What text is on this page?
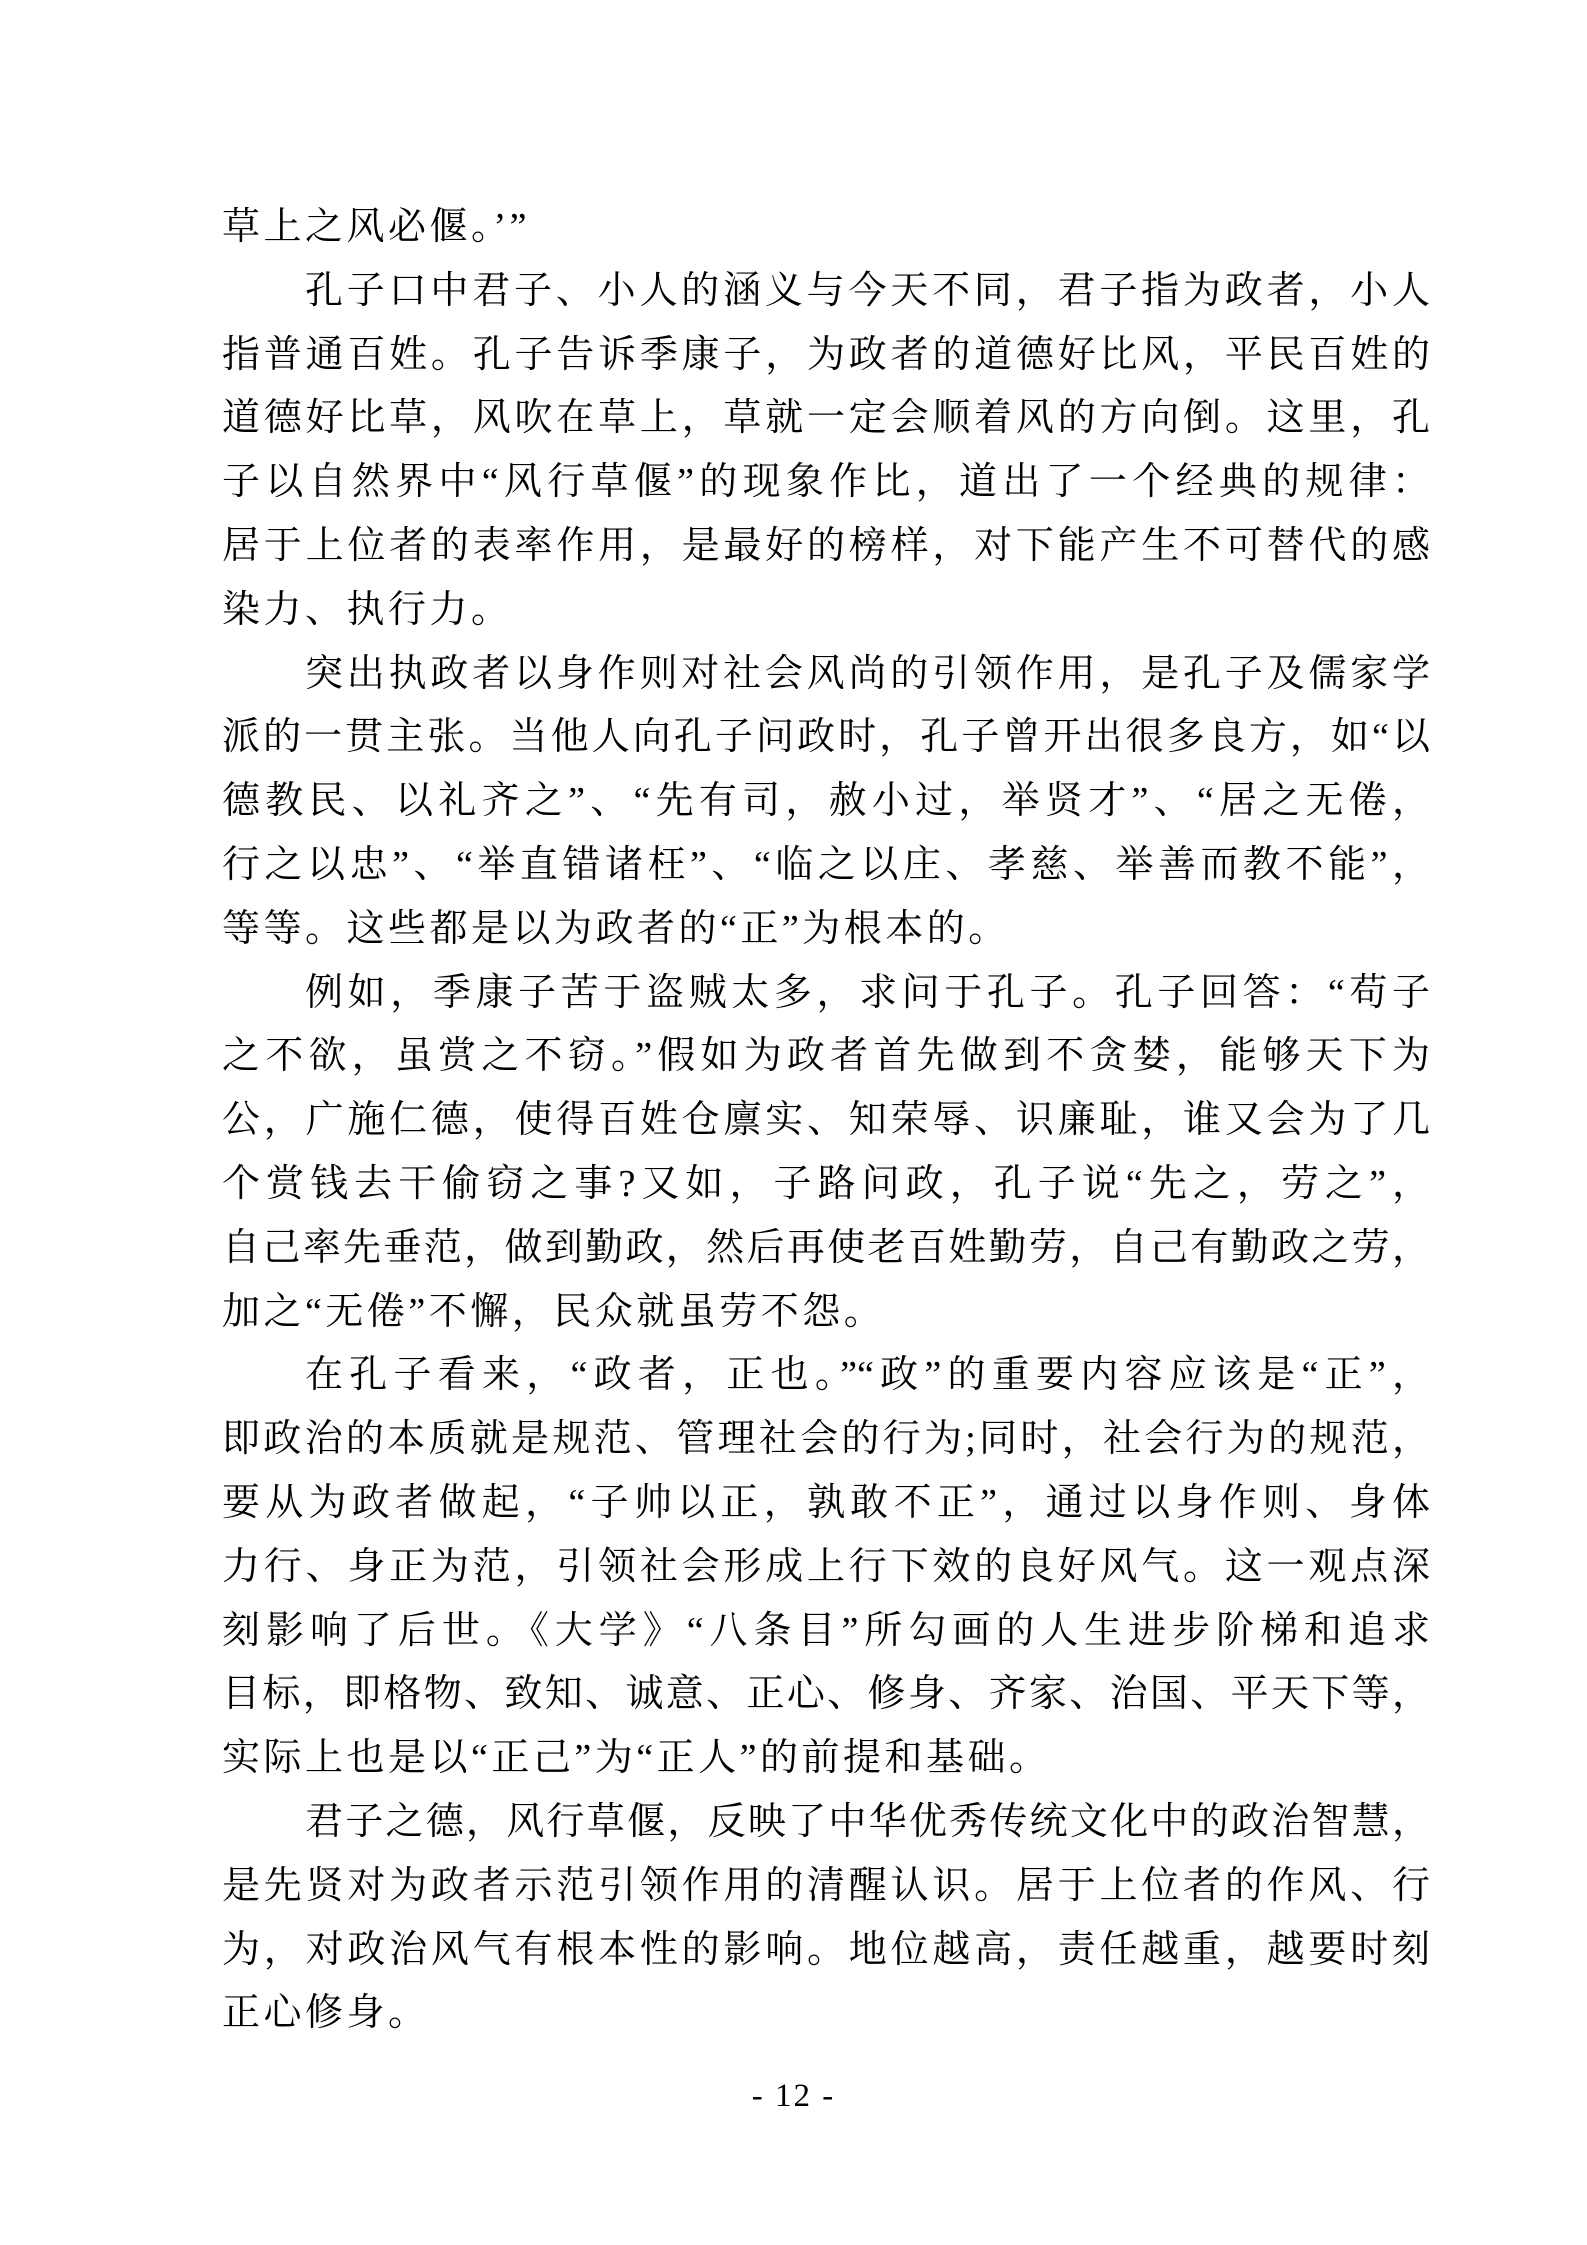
草上之风必偃。’”
孔子口中君子、小人的涵义与今天不同，君子指为政者，小人
指普通百姓。孔子告诉季康子，为政者的道德好比风，平民百姓的
道德好比草，风吹在草上，草就一定会顺着风的方向倒。这里，孔
子以自然界中“风行草偃”的现象作比，道出了一个经典的规律：
居于上位者的表率作用，是最好的榜样，对下能产生不可替代的感
染力、执行力。
突出执政者以身作则对社会风尚的引领作用，是孔子及儒家学
派的一贯主张。当他人向孔子问政时，孔子曾开出很多良方，如“以
德教民、以礼齐之”、“先有司，赦小过，举贤才”、“居之无倦，
行之以忠”、“举直错诸枉”、“临之以庄、孝慈、举善而教不能”，
等等。这些都是以为政者的“正”为根本的。
例如，季康子苦于盗贼太多，求问于孔子。孔子回答：“苟子
之不欲，虽赏之不窃。”假如为政者首先做到不贪婪，能够天下为
公，广施仁德，使得百姓仓廪实、知荣辱、识廉耻，谁又会为了几
个赏钱去干偷窃之事?又如，子路问政，孔子说“先之，劳之”，
自己率先垂范，做到勤政，然后再使老百姓勤劳，自己有勤政之劳，
加之“无倦”不懈，民众就虽劳不怨。
在孔子看来，“政者，正也。”“政”的重要内容应该是“正”，
即政治的本质就是规范、管理社会的行为;同时，社会行为的规范，
要从为政者做起，“子帅以正，孰敢不正”，通过以身作则、身体
力行、身正为范，引领社会形成上行下效的良好风气。这一观点深
刻影响了后世。《大学》“八条目”所勾画的人生进步阶梯和追求
目标，即格物、致知、诚意、正心、修身、齐家、治国、平天下等，
实际上也是以“正己”为“正人”的前提和基础。
君子之德，风行草偃，反映了中华优秀传统文化中的政治智慧，
是先贤对为政者示范引领作用的清醒认识。居于上位者的作风、行
为，对政治风气有根本性的影响。地位越高，责任越重，越要时刻
正心修身。
- 12 -
